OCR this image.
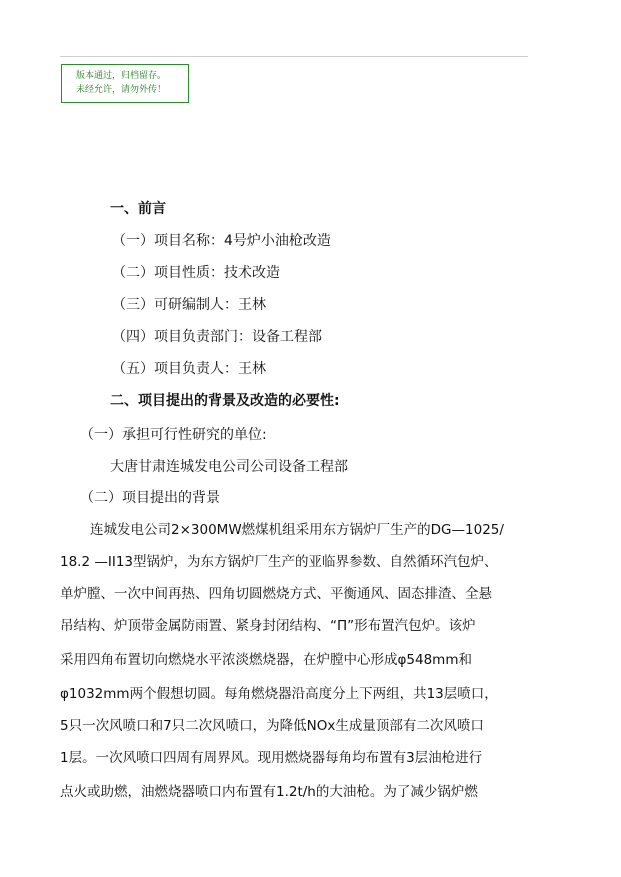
版本通过，归档留存。
未经允许，请勿外传！
一、前言
（一）项目名称：4号炉小油枪改造
（二）项目性质：技术改造
（三）可研编制人：王林
（四）项目负责部门：设备工程部
（五）项目负责人：王林
二、项目提出的背景及改造的必要性:
（一）承担可行性研究的单位:
大唐甘肃连城发电公司公司设备工程部
（二）项目提出的背景
连城发电公司2×300MW燃煤机组采用东方锅炉厂生产的DG—1025/
18.2 —II13型锅炉，为东方锅炉厂生产的亚临界参数、自然循环汽包炉、
单炉膛、一次中间再热、四角切圆燃烧方式、平衡通风、固态排渣、全悬
吊结构、炉顶带金属防雨置、紧身封闭结构、“Π”形布置汽包炉。该炉
采用四角布置切向燃烧水平浓淡燃烧器，在炉膛中心形成φ548mm和
φ1032mm两个假想切圆。每角燃烧器沿高度分上下两组，共13层喷口，
5只一次风喷口和7只二次风喷口，为降低NOx生成量顶部有二次风喷口
1层。一次风喷口四周有周界风。现用燃烧器每角均布置有3层油枪进行
点火或助燃，油燃烧器喷口内布置有1.2t/h的大油枪。为了减少锅炉燃
